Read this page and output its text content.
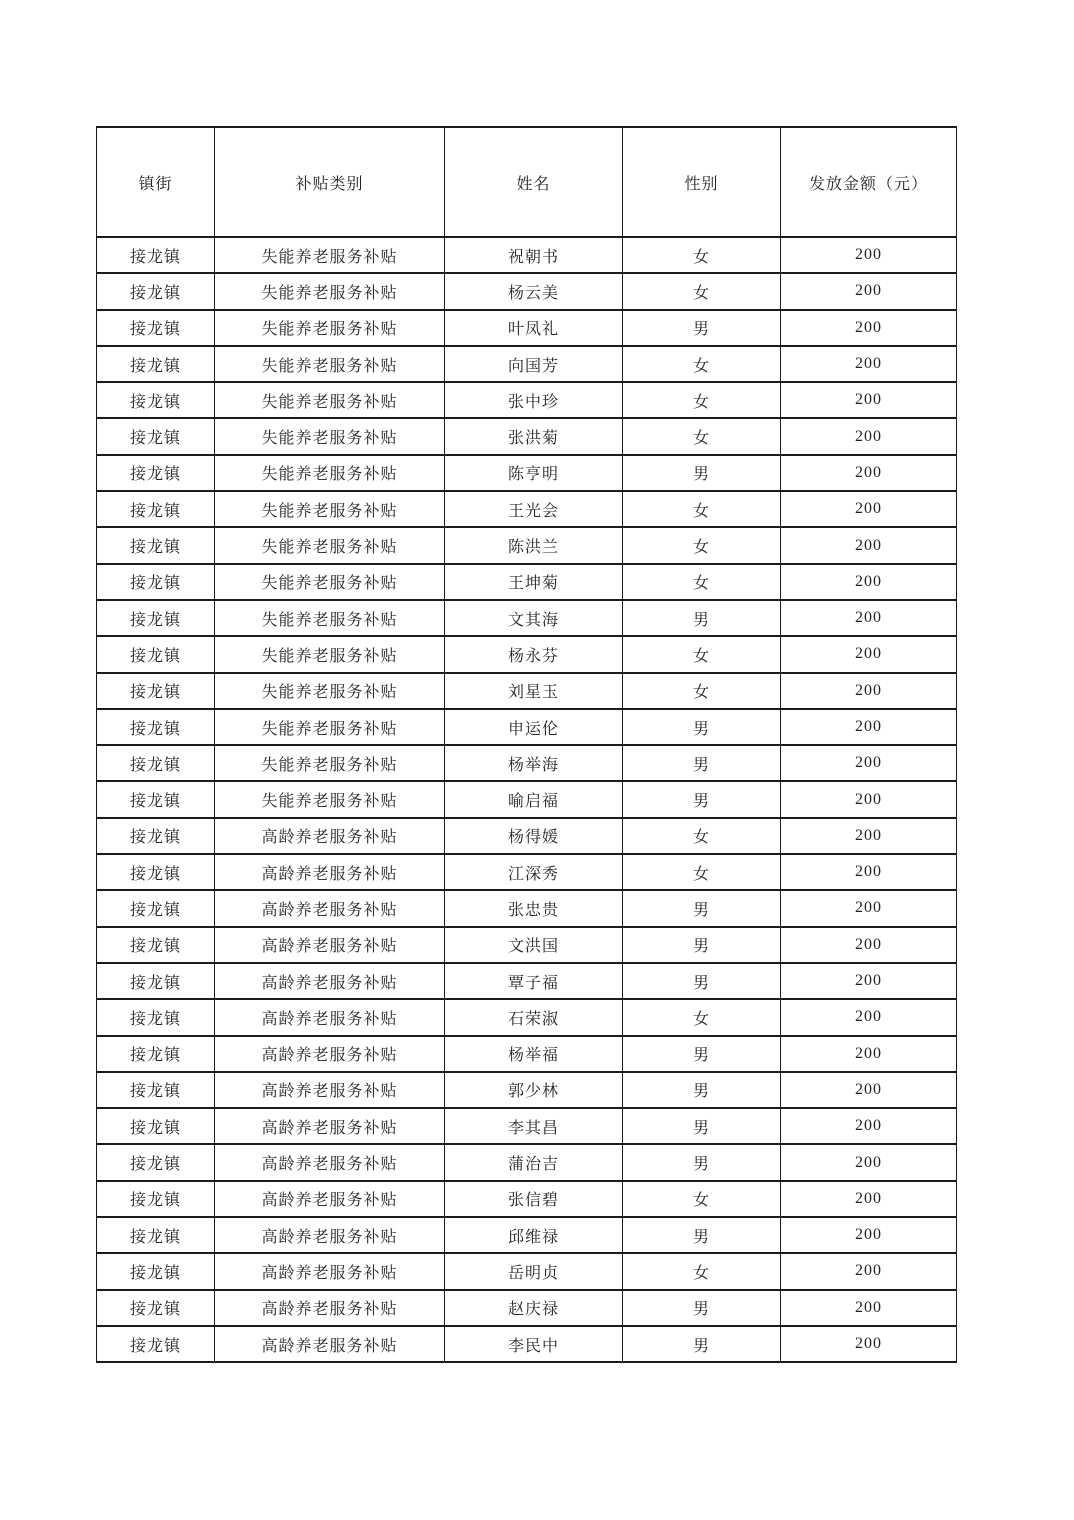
镇街	补贴类别	姓名	性别	发放金额（元）
接龙镇	失能养老服务补贴	祝朝书	女	200
接龙镇	失能养老服务补贴	杨云美	女	200
接龙镇	失能养老服务补贴	叶凤礼	男	200
接龙镇	失能养老服务补贴	向国芳	女	200
接龙镇	失能养老服务补贴	张中珍	女	200
接龙镇	失能养老服务补贴	张洪菊	女	200
接龙镇	失能养老服务补贴	陈亨明	男	200
接龙镇	失能养老服务补贴	王光会	女	200
接龙镇	失能养老服务补贴	陈洪兰	女	200
接龙镇	失能养老服务补贴	王坤菊	女	200
接龙镇	失能养老服务补贴	文其海	男	200
接龙镇	失能养老服务补贴	杨永芬	女	200
接龙镇	失能养老服务补贴	刘星玉	女	200
接龙镇	失能养老服务补贴	申运伦	男	200
接龙镇	失能养老服务补贴	杨举海	男	200
接龙镇	失能养老服务补贴	喻启福	男	200
接龙镇	高龄养老服务补贴	杨得媛	女	200
接龙镇	高龄养老服务补贴	江深秀	女	200
接龙镇	高龄养老服务补贴	张忠贵	男	200
接龙镇	高龄养老服务补贴	文洪国	男	200
接龙镇	高龄养老服务补贴	覃子福	男	200
接龙镇	高龄养老服务补贴	石荣淑	女	200
接龙镇	高龄养老服务补贴	杨举福	男	200
接龙镇	高龄养老服务补贴	郭少林	男	200
接龙镇	高龄养老服务补贴	李其昌	男	200
接龙镇	高龄养老服务补贴	蒲治吉	男	200
接龙镇	高龄养老服务补贴	张信碧	女	200
接龙镇	高龄养老服务补贴	邱维禄	男	200
接龙镇	高龄养老服务补贴	岳明贞	女	200
接龙镇	高龄养老服务补贴	赵庆禄	男	200
接龙镇	高龄养老服务补贴	李民中	男	200
